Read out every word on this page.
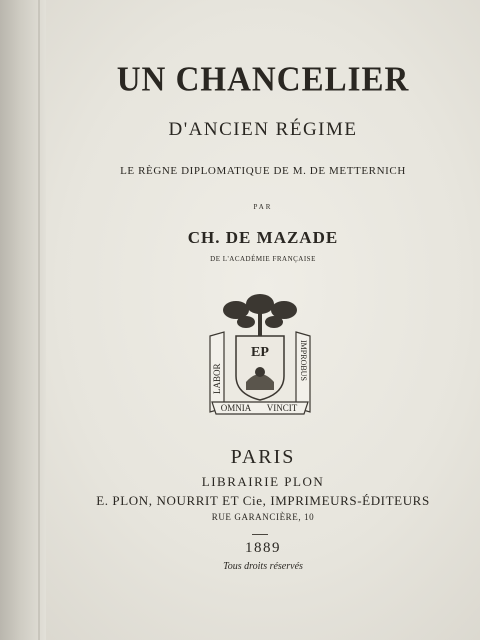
UN CHANCELIER
D'ANCIEN RÉGIME
LE RÈGNE DIPLOMATIQUE DE M. DE METTERNICH
PAR
CH. DE MAZADE
DE L'ACADÉMIE FRANÇAISE
LABOR	IMPROBUS
EP
OMNIA VINCIT
PARIS
LIBRAIRIE PLON
E. PLON, NOURRIT ET Cie, IMPRIMEURS-ÉDITEURS
RUE GARANCIÈRE, 10
1889
Tous droits réservés
